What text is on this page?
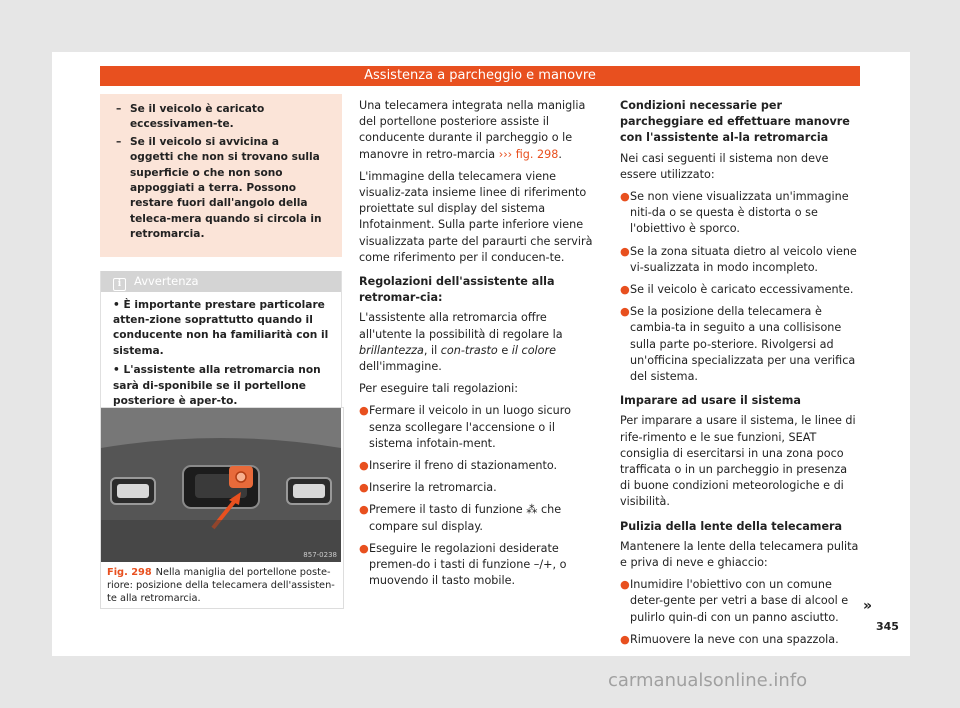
Assistenza a parcheggio e manovre
– Se il veicolo è caricato eccessivamen-te.
– Se il veicolo si avvicina a oggetti che non si trovano sulla superficie o che non sono appoggiati a terra. Possono restare fuori dall'angolo della teleca-mera quando si circola in retromarcia.
i Avvertenza
• È importante prestare particolare atten-zione soprattutto quando il conducente non ha familiarità con il sistema.
• L'assistente alla retromarcia non sarà di-sponibile se il portellone posteriore è aper-to.
857-0238
Fig. 298 Nella maniglia del portellone poste-riore: posizione della telecamera dell'assisten-te alla retromarcia.

Una telecamera integrata nella maniglia del portellone posteriore assiste il conducente durante il parcheggio o le manovre in retro-marcia ››› fig. 298.

L'immagine della telecamera viene visualiz-zata insieme linee di riferimento proiettate sul display del sistema Infotainment. Sulla parte inferiore viene visualizzata parte del paraurti che servirà come riferimento per il conducen-te.

Regolazioni dell'assistente alla retromar-cia:

L'assistente alla retromarcia offre all'utente la possibilità di regolare la brillantezza, il con-trasto e il colore dell'immagine.

Per eseguire tali regolazioni:

● Fermare il veicolo in un luogo sicuro senza scollegare l'accensione o il sistema infotain-ment.
● Inserire il freno di stazionamento.
● Inserire la retromarcia.
● Premere il tasto di funzione ⁂ che compare sul display.
● Eseguire le regolazioni desiderate premen-do i tasti di funzione –/+, o muovendo il tasto mobile.
Condizioni necessarie per parcheggiare ed effettuare manovre con l'assistente al-la retromarcia

Nei casi seguenti il sistema non deve essere utilizzato:

● Se non viene visualizzata un'immagine niti-da o se questa è distorta o se l'obiettivo è sporco.
● Se la zona situata dietro al veicolo viene vi-sualizzata in modo incompleto.
● Se il veicolo è caricato eccessivamente.
● Se la posizione della telecamera è cambia-ta in seguito a una collisisone sulla parte po-steriore. Rivolgersi ad un'officina specializzata per una verifica del sistema.
Imparare ad usare il sistema

Per imparare a usare il sistema, le linee di rife-rimento e le sue funzioni, SEAT consiglia di esercitarsi in una zona poco trafficata o in un parcheggio in presenza di buone condizioni meteorologiche e di visibilità.

Pulizia della lente della telecamera

Mantenere la lente della telecamera pulita e priva di neve e ghiaccio:

● Inumidire l'obiettivo con un comune deter-gente per vetri a base di alcool e pulirlo quin-di con un panno asciutto.
● Rimuovere la neve con una spazzola.
»
345
carmanualsonline.info
